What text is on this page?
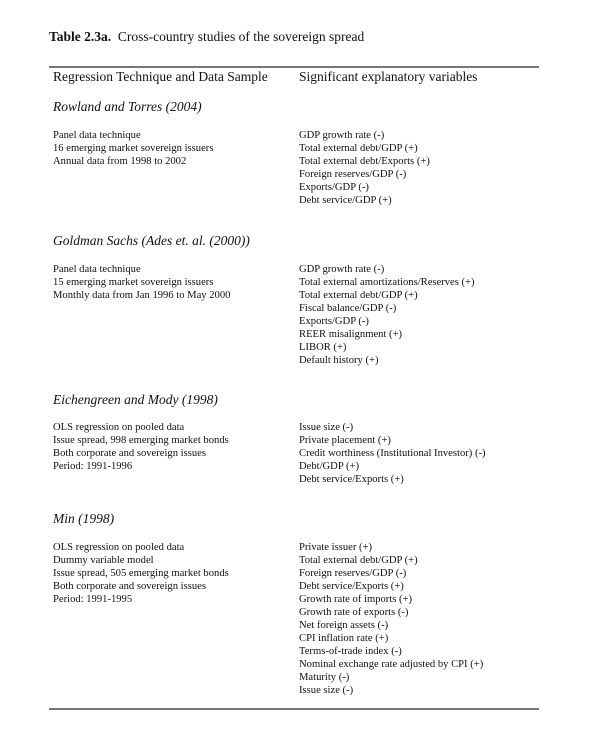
Table 2.3a. Cross-country studies of the sovereign spread
Regression Technique and Data Sample	Significant explanatory variables
Rowland and Torres (2004)
Panel data technique
16 emerging market sovereign issuers
Annual data from 1998 to 2002
GDP growth rate (-)
Total external debt/GDP (+)
Total external debt/Exports (+)
Foreign reserves/GDP (-)
Exports/GDP (-)
Debt service/GDP (+)
Goldman Sachs (Ades et. al. (2000))
Panel data technique
15 emerging market sovereign issuers
Monthly data from Jan 1996 to May 2000
GDP growth rate (-)
Total external amortizations/Reserves (+)
Total external debt/GDP (+)
Fiscal balance/GDP (-)
Exports/GDP (-)
REER misalignment (+)
LIBOR (+)
Default history (+)
Eichengreen and Mody (1998)
OLS regression on pooled data
Issue spread, 998 emerging market bonds
Both corporate and sovereign issues
Period: 1991-1996
Issue size (-)
Private placement (+)
Credit worthiness (Institutional Investor) (-)
Debt/GDP (+)
Debt service/Exports (+)
Min (1998)
OLS regression on pooled data
Dummy variable model
Issue spread, 505 emerging market bonds
Both corporate and sovereign issues
Period: 1991-1995
Private issuer (+)
Total external debt/GDP (+)
Foreign reserves/GDP (-)
Debt service/Exports (+)
Growth rate of imports (+)
Growth rate of exports (-)
Net foreign assets (-)
CPI inflation rate (+)
Terms-of-trade index (-)
Nominal exchange rate adjusted by CPI (+)
Maturity (-)
Issue size (-)
